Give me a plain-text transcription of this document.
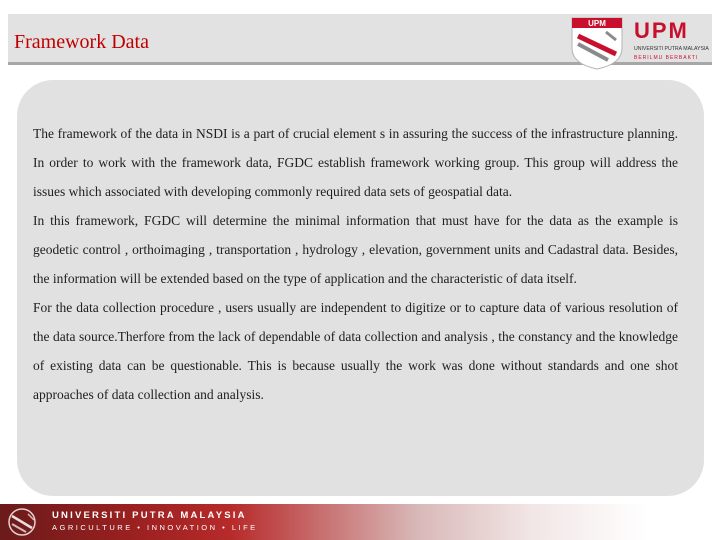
Framework Data
UPM UPM
UNIVERSITI PUTRA MALAYSIA
BERILMU BERBAKTI

The framework of the data in NSDI is a part of crucial element s in assuring the success of the infrastructure planning. In order to work with the framework data, FGDC establish framework working group. This group will address the issues which associated with developing commonly required data sets of geospatial data.

In this framework, FGDC will determine the minimal information that must have for the data as the example is geodetic control , orthoimaging , transportation , hydrology , elevation, government units and Cadastral data. Besides, the information will be extended based on the type of application and the characteristic of data itself.

For the data collection procedure , users usually are independent to digitize or to capture data of various resolution of the data source.Therfore from the lack of dependable of data collection and analysis , the constancy and the knowledge of existing data can be questionable. This is because usually the work was done without standards and one shot approaches of data collection and analysis.

UNIVERSITI PUTRA MALAYSIA
AGRICULTURE • INNOVATION • LIFE
